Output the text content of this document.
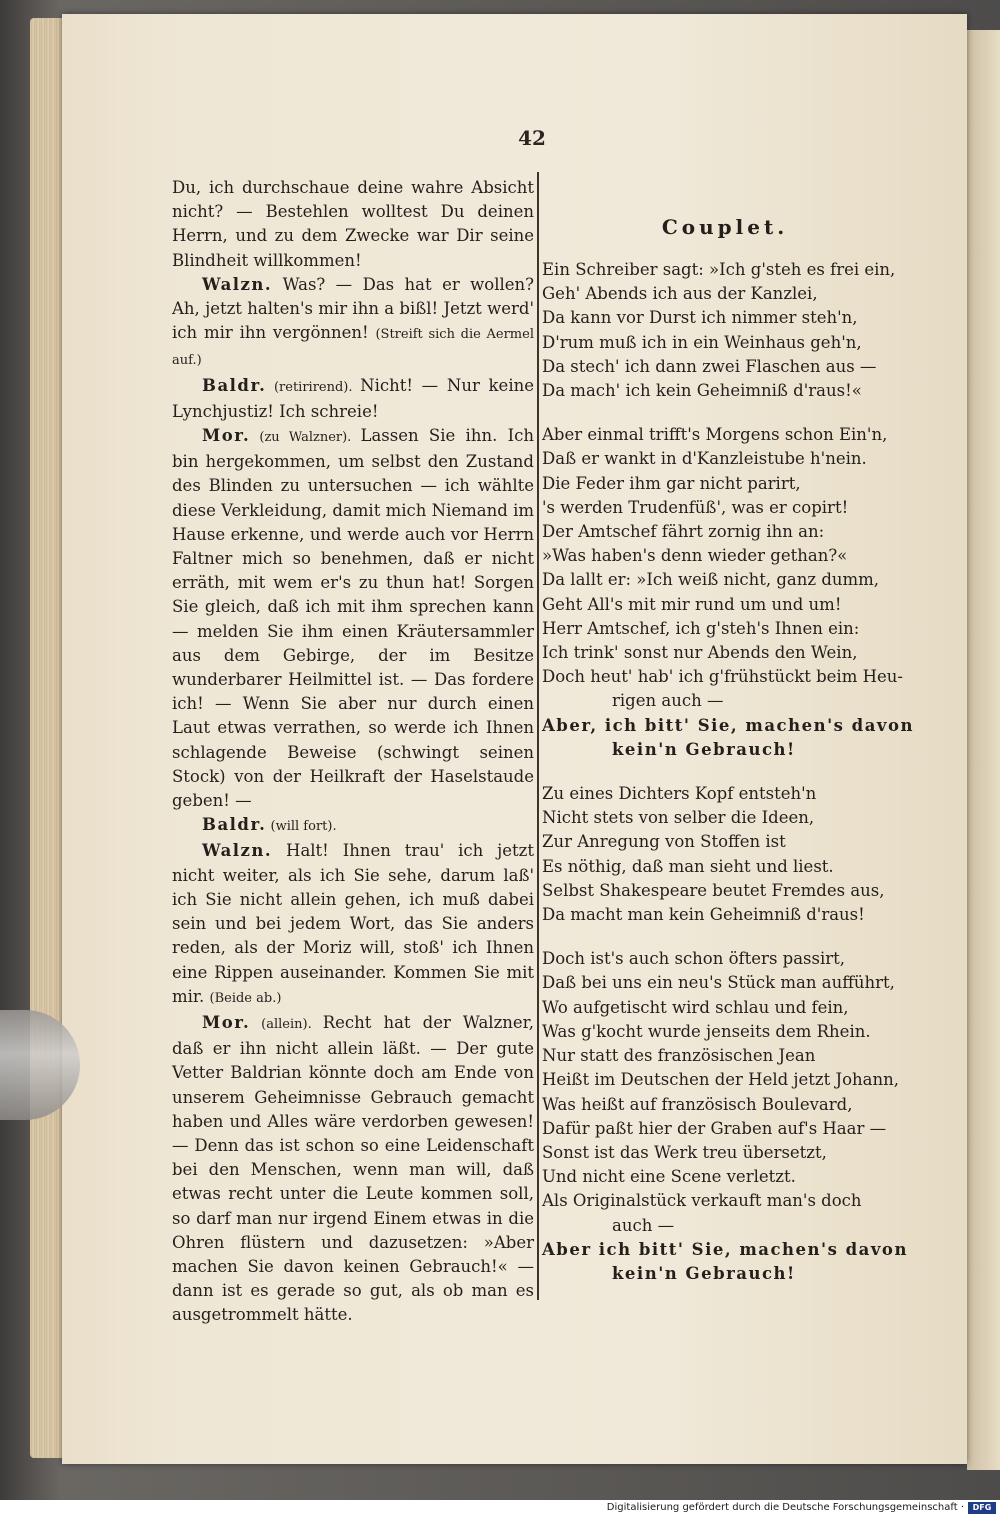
42

Du, ich durchschaue deine wahre Absicht nicht? — Bestehlen wolltest Du deinen Herrn, und zu dem Zwecke war Dir seine Blindheit willkommen!

Walzn. Was? — Das hat er wollen? Ah, jetzt halten's mir ihn a bißl! Jetzt werd' ich mir ihn vergönnen! (Streift sich die Aermel auf.)

Baldr. (retirirend). Nicht! — Nur keine Lynchjustiz! Ich schreie!

Mor. (zu Walzner). Lassen Sie ihn. Ich bin hergekommen, um selbst den Zustand des Blinden zu untersuchen — ich wählte diese Verkleidung, damit mich Niemand im Hause erkenne, und werde auch vor Herrn Faltner mich so benehmen, daß er nicht erräth, mit wem er's zu thun hat! Sorgen Sie gleich, daß ich mit ihm sprechen kann — melden Sie ihm einen Kräutersammler aus dem Gebirge, der im Besitze wunderbarer Heilmittel ist. — Das fordere ich! — Wenn Sie aber nur durch einen Laut etwas verrathen, so werde ich Ihnen schlagende Beweise (schwingt seinen Stock) von der Heilkraft der Haselstaude geben! —

Baldr. (will fort).

Walzn. Halt! Ihnen trau' ich jetzt nicht weiter, als ich Sie sehe, darum laß' ich Sie nicht allein gehen, ich muß dabei sein und bei jedem Wort, das Sie anders reden, als der Moriz will, stoß' ich Ihnen eine Rippen auseinander. Kommen Sie mit mir. (Beide ab.)

Mor. (allein). Recht hat der Walzner, daß er ihn nicht allein läßt. — Der gute Vetter Baldrian könnte doch am Ende von unserem Geheimnisse Gebrauch gemacht haben und Alles wäre verdorben gewesen! — Denn das ist schon so eine Leidenschaft bei den Menschen, wenn man will, daß etwas recht unter die Leute kommen soll, so darf man nur irgend Einem etwas in die Ohren flüstern und dazusetzen: »Aber machen Sie davon keinen Gebrauch!« — dann ist es gerade so gut, als ob man es ausgetrommelt hätte.

Couplet.
Ein Schreiber sagt: »Ich g'steh es frei ein,
Geh' Abends ich aus der Kanzlei,
Da kann vor Durst ich nimmer steh'n,
D'rum muß ich in ein Weinhaus geh'n,
Da stech' ich dann zwei Flaschen aus —
Da mach' ich kein Geheimniß d'raus!«
Aber einmal trifft's Morgens schon Ein'n,
Daß er wankt in d'Kanzleistube h'nein.
Die Feder ihm gar nicht parirt,
's werden Trudenfüß', was er copirt!
Der Amtschef fährt zornig ihn an:
»Was haben's denn wieder gethan?«
Da lallt er: »Ich weiß nicht, ganz dumm,
Geht All's mit mir rund um und um!
Herr Amtschef, ich g'steh's Ihnen ein:
Ich trink' sonst nur Abends den Wein,
Doch heut' hab' ich g'frühstückt beim Heu-
rigen auch —
Aber, ich bitt' Sie, machen's davon
kein'n Gebrauch!
Zu eines Dichters Kopf entsteh'n
Nicht stets von selber die Ideen,
Zur Anregung von Stoffen ist
Es nöthig, daß man sieht und liest.
Selbst Shakespeare beutet Fremdes aus,
Da macht man kein Geheimniß d'raus!
Doch ist's auch schon öfters passirt,
Daß bei uns ein neu's Stück man aufführt,
Wo aufgetischt wird schlau und fein,
Was g'kocht wurde jenseits dem Rhein.
Nur statt des französischen Jean
Heißt im Deutschen der Held jetzt Johann,
Was heißt auf französisch Boulevard,
Dafür paßt hier der Graben auf's Haar —
Sonst ist das Werk treu übersetzt,
Und nicht eine Scene verletzt.
Als Originalstück verkauft man's doch
auch —
Aber ich bitt' Sie, machen's davon
kein'n Gebrauch!
Digitalisierung gefördert durch die Deutsche Forschungsgemeinschaft ·	DFG
